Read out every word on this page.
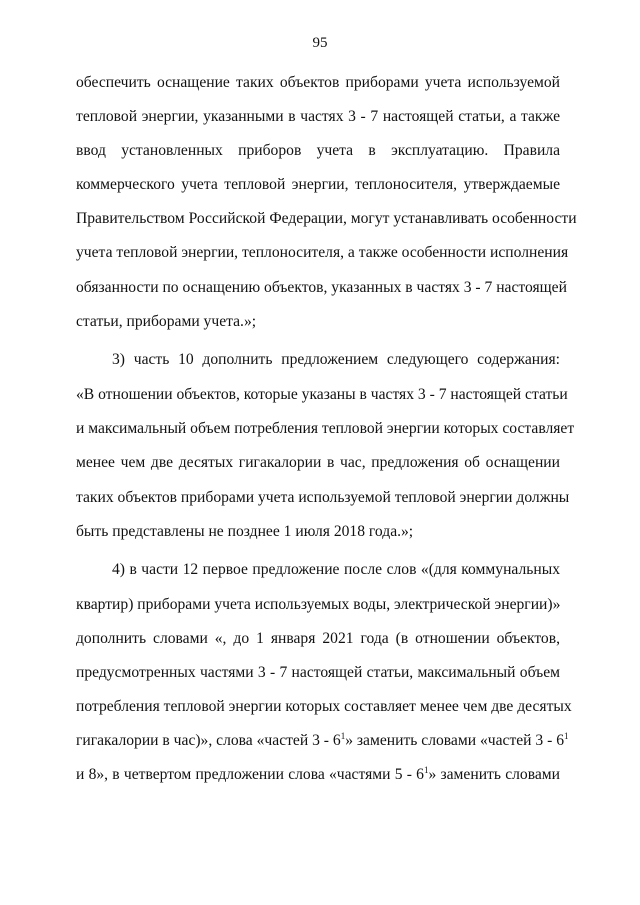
95
обеспечить оснащение таких объектов приборами учета используемой
тепловой энергии, указанными в частях 3 - 7 настоящей статьи, а также
ввод установленных приборов учета в эксплуатацию. Правила
коммерческого учета тепловой энергии, теплоносителя, утверждаемые
Правительством Российской Федерации, могут устанавливать особенности
учета тепловой энергии, теплоносителя, а также особенности исполнения
обязанности по оснащению объектов, указанных в частях 3 - 7 настоящей
статьи, приборами учета.»;
3) часть 10 дополнить предложением следующего содержания:
«В отношении объектов, которые указаны в частях 3 - 7 настоящей статьи
и максимальный объем потребления тепловой энергии которых составляет
менее чем две десятых гигакалории в час, предложения об оснащении
таких объектов приборами учета используемой тепловой энергии должны
быть представлены не позднее 1 июля 2018 года.»;
4) в части 12 первое предложение после слов «(для коммунальных
квартир) приборами учета используемых воды, электрической энергии)»
дополнить словами «, до 1 января 2021 года (в отношении объектов,
предусмотренных частями 3 - 7 настоящей статьи, максимальный объем
потребления тепловой энергии которых составляет менее чем две десятых
гигакалории в час)», слова «частей $3 - 6^1$» заменить словами «частей $3 - 6^1$
и 8», в четвертом предложении слова «частями $5 - 6^1$» заменить словами
